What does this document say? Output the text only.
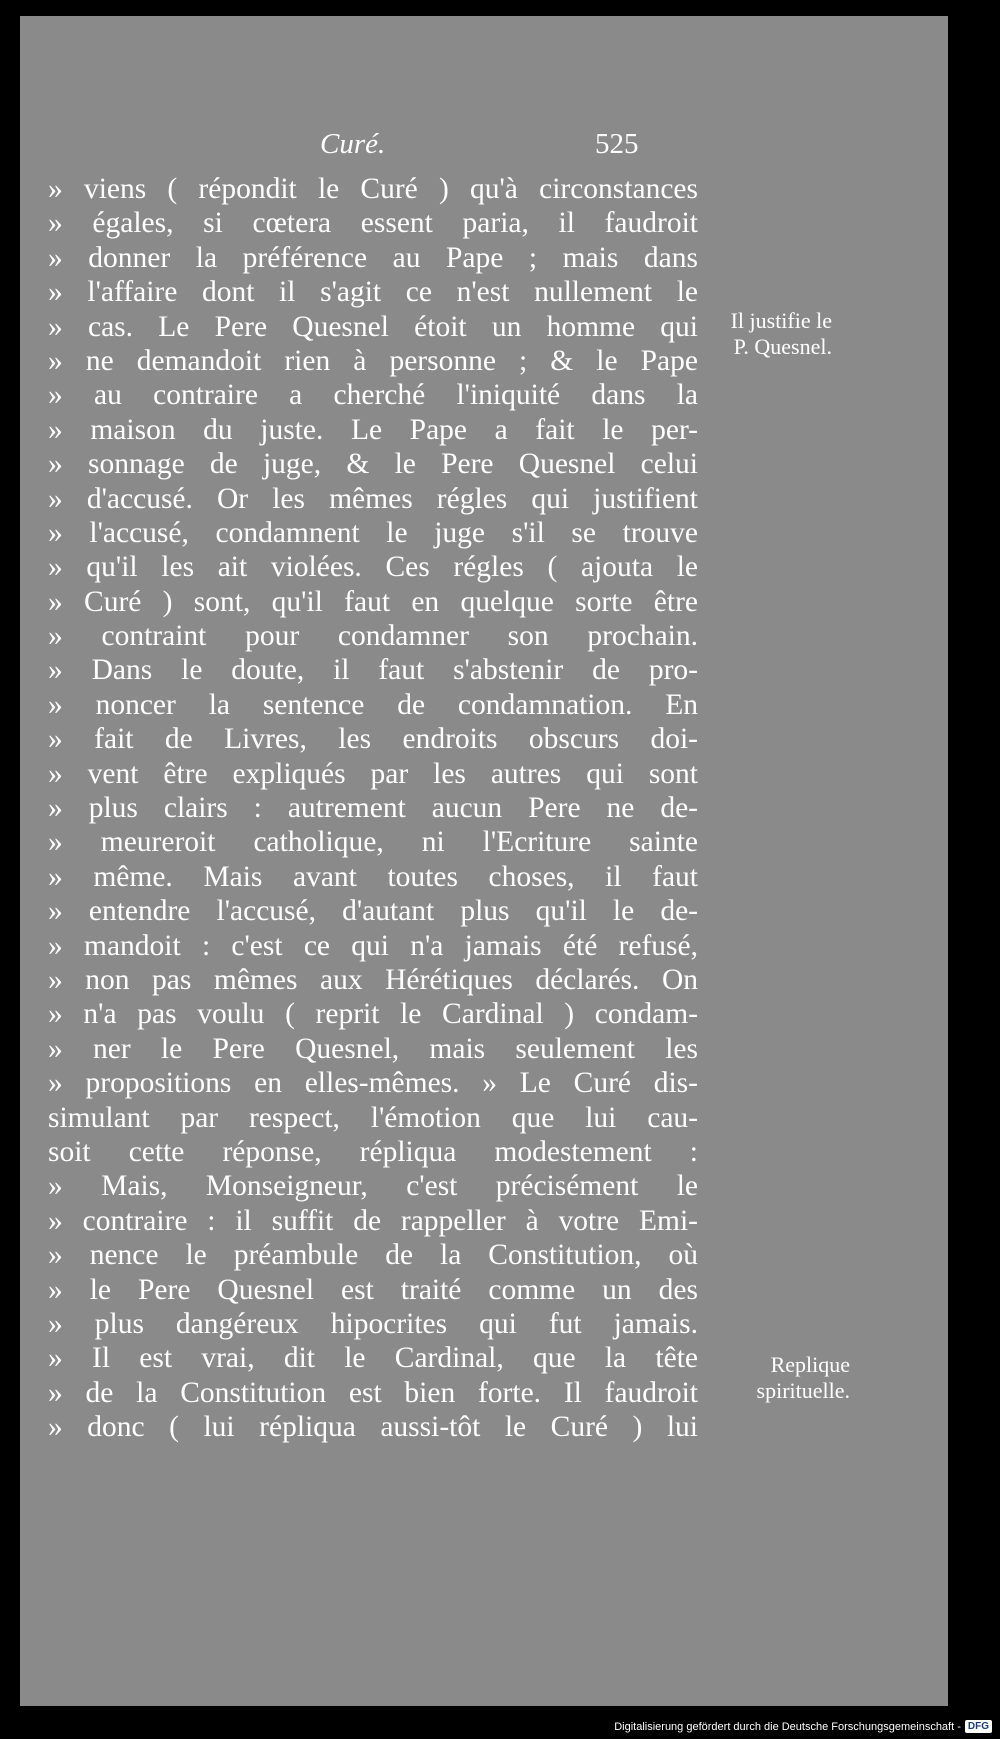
Curé.	525
» viens ( répondit le Curé ) qu'à circonstances
» égales, si cœtera essent paria, il faudroit
» donner la préférence au Pape ; mais dans
» l'affaire dont il s'agit ce n'est nullement le
» cas. Le Pere Quesnel étoit un homme qui
» ne demandoit rien à personne ; & le Pape
» au contraire a cherché l'iniquité dans la
» maison du juste. Le Pape a fait le per-
» sonnage de juge, & le Pere Quesnel celui
» d'accusé. Or les mêmes régles qui justifient
» l'accusé, condamnent le juge s'il se trouve
» qu'il les ait violées. Ces régles ( ajouta le
» Curé ) sont, qu'il faut en quelque sorte être
» contraint pour condamner son prochain.
» Dans le doute, il faut s'abstenir de pro-
» noncer la sentence de condamnation. En
» fait de Livres, les endroits obscurs doi-
» vent être expliqués par les autres qui sont
» plus clairs : autrement aucun Pere ne de-
» meureroit catholique, ni l'Ecriture sainte
» même. Mais avant toutes choses, il faut
» entendre l'accusé, d'autant plus qu'il le de-
» mandoit : c'est ce qui n'a jamais été refusé,
» non pas mêmes aux Hérétiques déclarés. On
» n'a pas voulu ( reprit le Cardinal ) condam-
» ner le Pere Quesnel, mais seulement les
» propositions en elles-mêmes. » Le Curé dis-
simulant par respect, l'émotion que lui cau-
soit cette réponse, répliqua modestement :
» Mais, Monseigneur, c'est précisément le
» contraire : il suffit de rappeller à votre Emi-
» nence le préambule de la Constitution, où
» le Pere Quesnel est traité comme un des
» plus dangéreux hipocrites qui fut jamais.
» Il est vrai, dit le Cardinal, que la tête
» de la Constitution est bien forte. Il faudroit
» donc ( lui répliqua aussi-tôt le Curé ) lui
Il justifie le
P. Quesnel.
Replique
spirituelle.
Digitalisierung gefördert durch die Deutsche Forschungsgemeinschaft - DFG
